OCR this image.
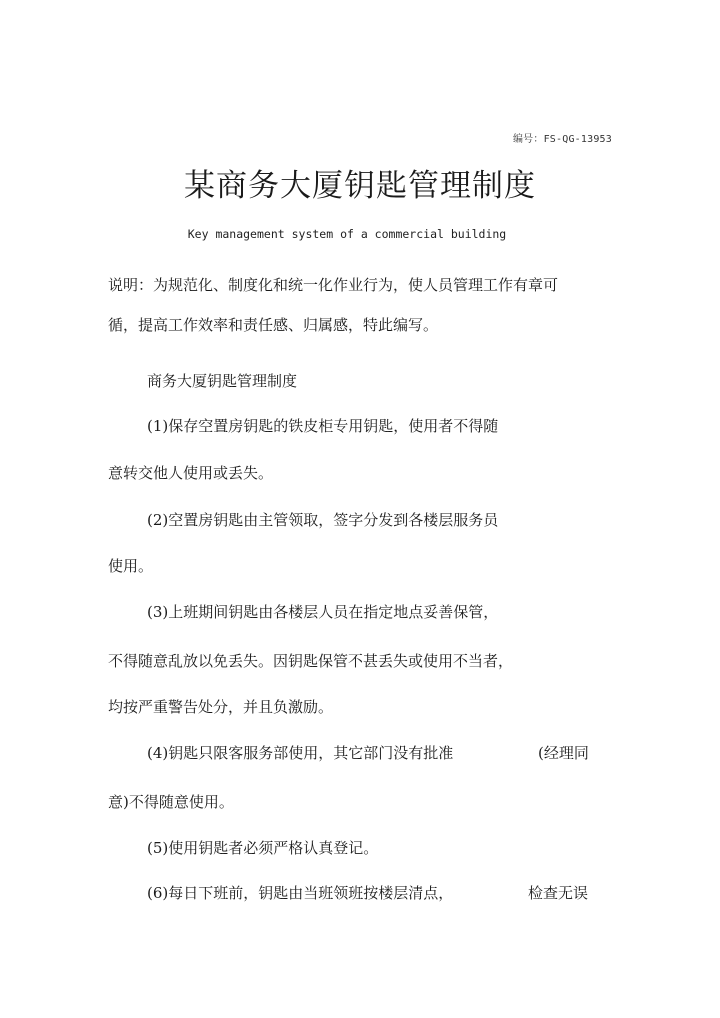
编号：FS-QG-13953
某商务大厦钥匙管理制度
Key management system of a commercial building
说明：为规范化、制度化和统一化作业行为，使人员管理工作有章可
循，提高工作效率和责任感、归属感，特此编写。
商务大厦钥匙管理制度
(1)保存空置房钥匙的铁皮柜专用钥匙，使用者不得随
意转交他人使用或丢失。
(2)空置房钥匙由主管领取，签字分发到各楼层服务员
使用。
(3)上班期间钥匙由各楼层人员在指定地点妥善保管，
不得随意乱放以免丢失。因钥匙保管不甚丢失或使用不当者，
均按严重警告处分，并且负激励。
(4)钥匙只限客服务部使用，其它部门没有批准	(经理同
意)不得随意使用。
(5)使用钥匙者必须严格认真登记。
(6)每日下班前，钥匙由当班领班按楼层清点，	检查无误
